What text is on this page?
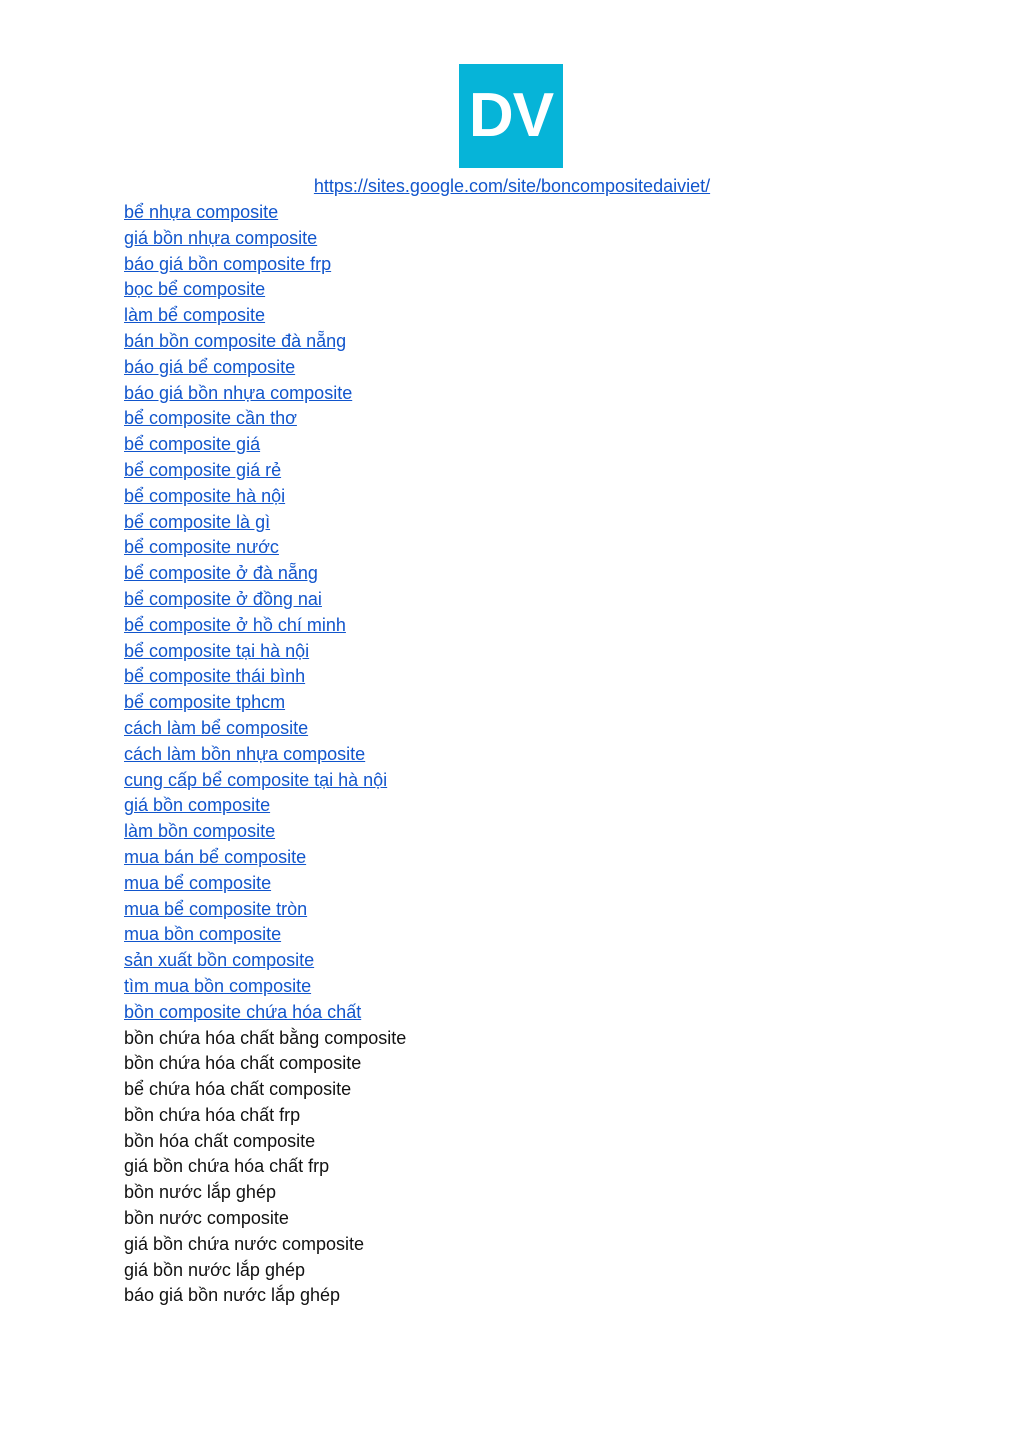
DV
https://sites.google.com/site/boncompositedaiviet/
bể nhựa composite
giá bồn nhựa composite
báo giá bồn composite frp
bọc bể composite
làm bể composite
bán bồn composite đà nẵng
báo giá bể composite
báo giá bồn nhựa composite
bể composite cần thơ
bể composite giá
bể composite giá rẻ
bể composite hà nội
bể composite là gì
bể composite nước
bể composite ở đà nẵng
bể composite ở đồng nai
bể composite ở hồ chí minh
bể composite tại hà nội
bể composite thái bình
bể composite tphcm
cách làm bể composite
cách làm bồn nhựa composite
cung cấp bể composite tại hà nội
giá bồn composite
làm bồn composite
mua bán bể composite
mua bể composite
mua bể composite tròn
mua bồn composite
sản xuất bồn composite
tìm mua bồn composite
bồn composite chứa hóa chất
bồn chứa hóa chất bằng composite
bồn chứa hóa chất composite
bể chứa hóa chất composite
bồn chứa hóa chất frp
bồn hóa chất composite
giá bồn chứa hóa chất frp
bồn nước lắp ghép
bồn nước composite
giá bồn chứa nước composite
giá bồn nước lắp ghép
báo giá bồn nước lắp ghép
